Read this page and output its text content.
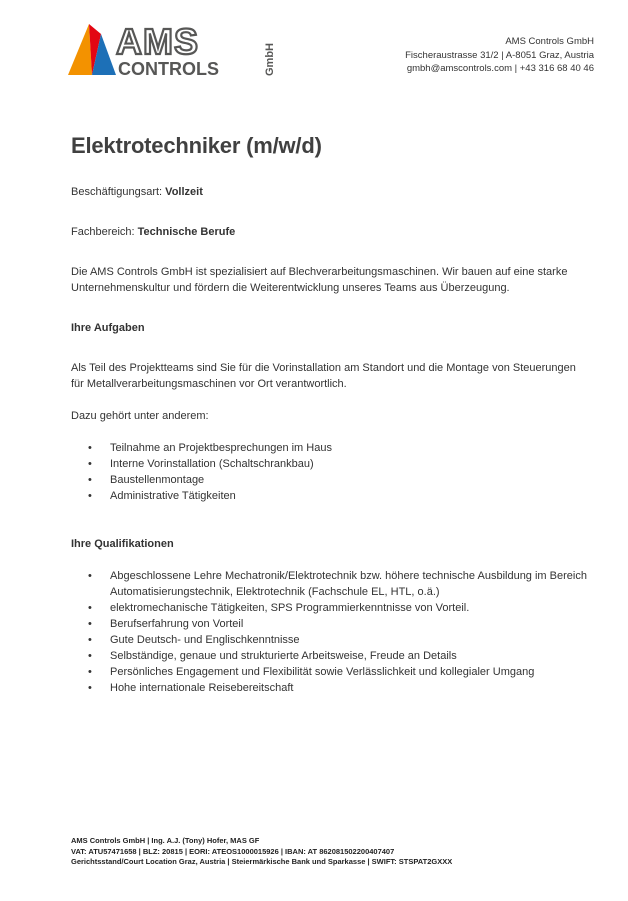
AMS
CONTROLS	GmbH
AMS Controls GmbH
Fischeraustrasse 31/2 | A-8051 Graz, Austria
gmbh@amscontrols.com | +43 316 68 40 46
Elektrotechniker (m/w/d)

Beschäftigungsart: Vollzeit

Fachbereich: Technische Berufe

Die AMS Controls GmbH ist spezialisiert auf Blechverarbeitungsmaschinen. Wir bauen auf eine starke Unternehmenskultur und fördern die Weiterentwicklung unseres Teams aus Überzeugung.

Ihre Aufgaben

Als Teil des Projektteams sind Sie für die Vorinstallation am Standort und die Montage von Steuerungen für Metallverarbeitungsmaschinen vor Ort verantwortlich.

Dazu gehört unter anderem:

• Teilnahme an Projektbesprechungen im Haus
• Interne Vorinstallation (Schaltschrankbau)
• Baustellenmontage
• Administrative Tätigkeiten

Ihre Qualifikationen

• Abgeschlossene Lehre Mechatronik/Elektrotechnik bzw. höhere technische Ausbildung im Bereich Automatisierungstechnik, Elektrotechnik (Fachschule EL, HTL, o.ä.)
• elektromechanische Tätigkeiten, SPS Programmierkenntnisse von Vorteil.
• Berufserfahrung von Vorteil
• Gute Deutsch- und Englischkenntnisse
• Selbständige, genaue und strukturierte Arbeitsweise, Freude an Details
• Persönliches Engagement und Flexibilität sowie Verlässlichkeit und kollegialer Umgang
• Hohe internationale Reisebereitschaft
AMS Controls GmbH | Ing. A.J. (Tony) Hofer, MAS GF
VAT: ATU57471658 | BLZ: 20815 | EORI: ATEOS1000015926 | IBAN: AT 862081502200407407
Gerichtsstand/Court Location Graz, Austria | Steiermärkische Bank und Sparkasse | SWIFT: STSPAT2GXXX
